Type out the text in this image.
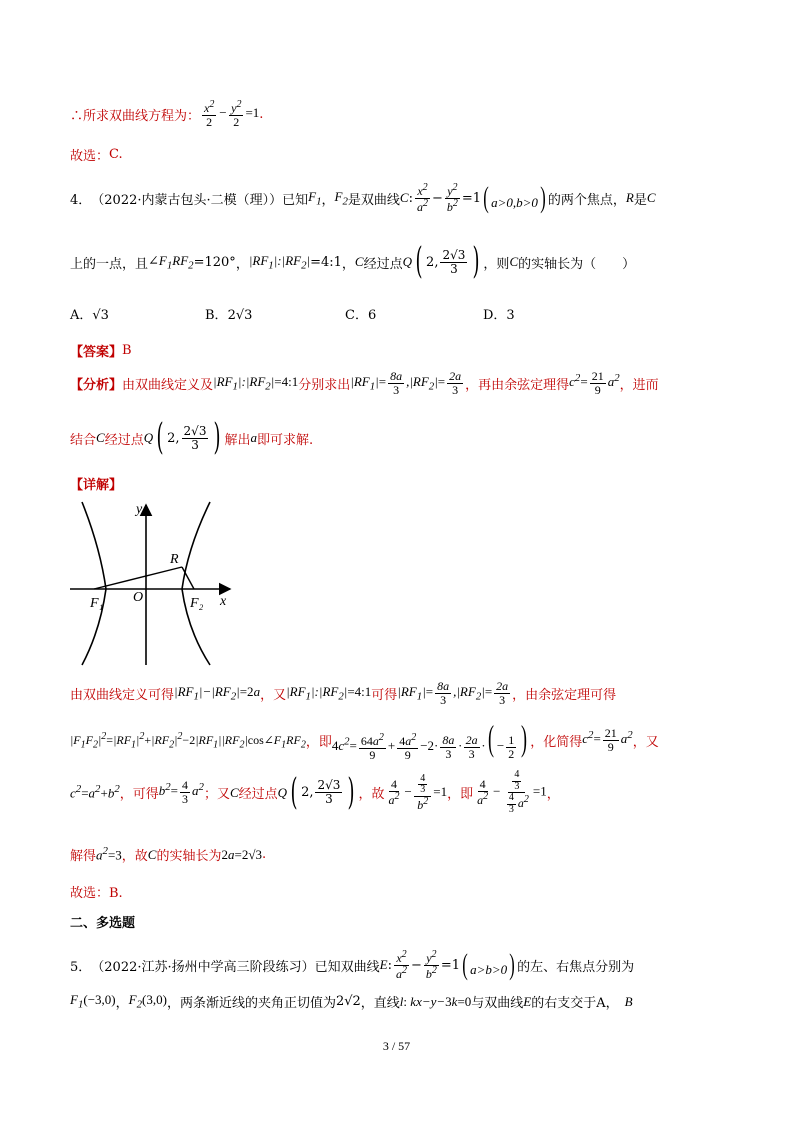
∴所求双曲线方程为： $\frac{x^2}{2} - \frac{y^2}{2} =1$ .
故选： C.
4． （2022·内蒙古包头·二模（理））已知 $F_1$ ， $F_2$ 是双曲线 C : $\frac{x^2}{a^2} - \frac{y^2}{b^2} =1$ ( a>0,b>0) 的两个焦点， R 是 C
上的一点，且 $\angle F_1RF_2 =120^\circ$ ， $|RF_1|:|RF_2|$ =4:1 ， C 经过点 Q ( 2, $\frac{2√3}{3}$ ) ，则 C 的实轴长为（　　）
A．√3	B．2√3	C．6	D．3
【答案】 B
【分析】 由双曲线定义及 $|RF_1|:|RF_2|=4:1$ 分别求出 $|RF_1|= \frac{8a}{3} ,|RF_2|= \frac{2a}{3}$ ，再由余弦定理得 $c^2= \frac{21}{9} a^2$ ，进而
结合 C 经过点 Q ( 2, $\frac{2√3}{3}$ ) 解出 a 即可求解.
【详解】
y
x
R
O
F₁	F₂
由双曲线定义可得 $|RF_1|-|RF_2|=2a$ ，又 $|RF_1|:|RF_2|=4:1$ 可得 $|RF_1|= \frac{8a}{3} ,|RF_2|= \frac{2a}{3}$ ，由余弦定理可得
$|F_1F_2|^2=|RF_1|^2+|RF_2|^2-2|RF_1||RF_2|\cos\angle F_1RF_2$ ，即 $4c^2= \frac{64a^2}{9} + \frac{4a^2}{9} -2\cdot \frac{8a}{3} \cdot \frac{2a}{3}$ ·( − $\frac{1}{2}$ ) ，化简得 $c^2= \frac{21}{9} a^2$ ，又
$c^2=a^2+b^2$ ，可得 $b^2= \frac{4}{3} a^2$ ；又 C 经过点 Q ( 2, $\frac{2√3}{3}$ ) ，故 $\frac{4}{a^2} - \frac{\frac{4}{3}}{b^2} =1$ ，即 $\frac{4}{a^2} - \frac{\frac{4}{3}}{\frac{4}{3} a^2} =1$ ，
解得 $a^2=3$ ，故 C 的实轴长为 2a=2√3 .
故选：B.
二、多选题
5． （2022·江苏·扬州中学高三阶段练习）已知双曲线 E : $\frac{x^2}{a^2} - \frac{y^2}{b^2} =1$ ( a>b>0) 的左、右焦点分别为
$F_1(-3,0)$ ， $F_2(3,0)$ ，两条渐近线的夹角正切值为 2√2 ，直线 l: kx−y−3k=0 与双曲线 E 的右支交于A， B
3 / 57
